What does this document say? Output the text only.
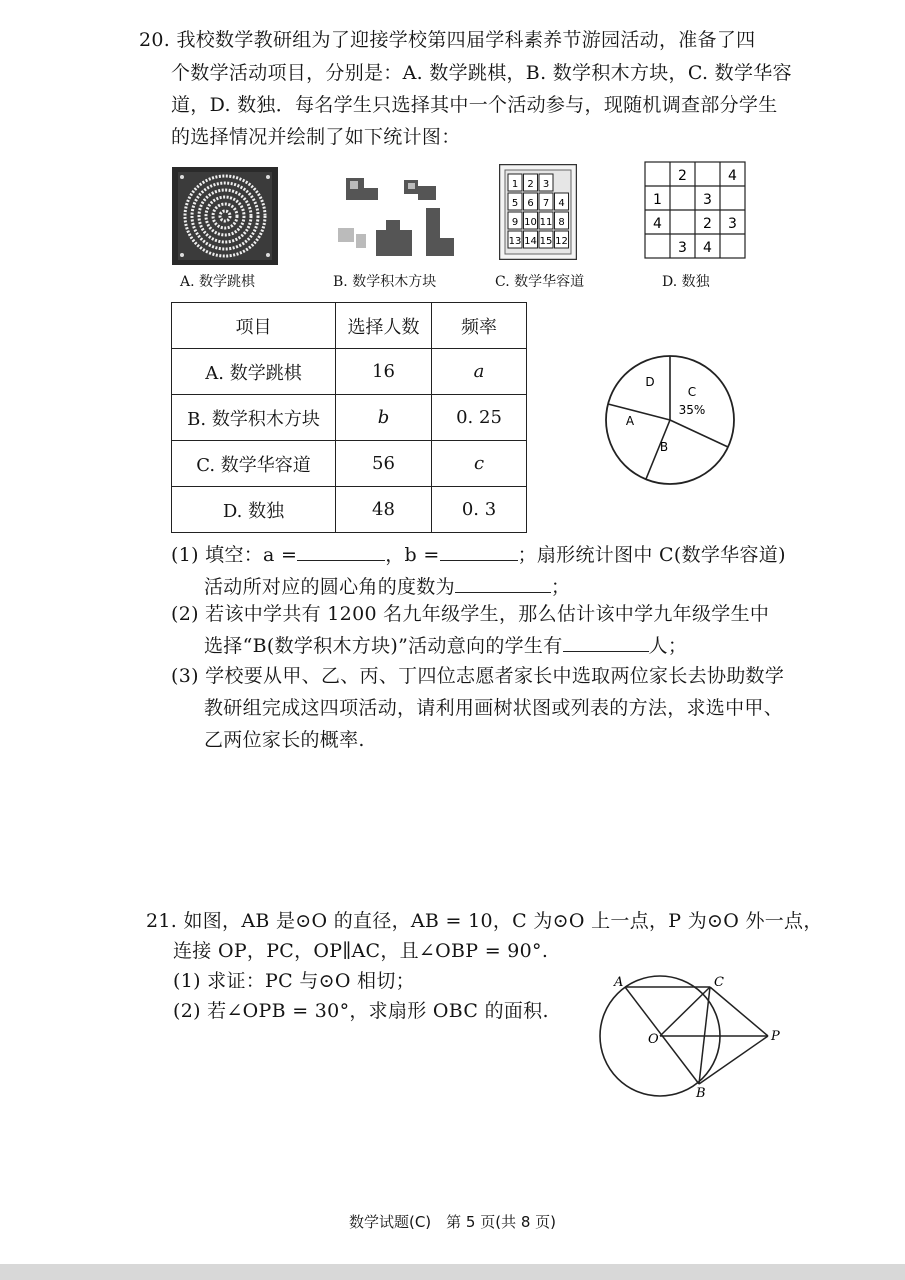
20. 我校数学教研组为了迎接学校第四届学科素养节游园活动，准备了四
个数学活动项目，分别是：A. 数学跳棋，B. 数学积木方块，C. 数学华容
道，D. 数独．每名学生只选择其中一个活动参与，现随机调查部分学生
的选择情况并绘制了如下统计图：
1 2 3
5 6 7 4
9 10 11 8
13 14 15 12
2	4
1	3
4	2 3
3 4
A. 数学跳棋	B. 数学积木方块	C. 数学华容道	D. 数独
项目	选择人数	频率
A. 数学跳棋	16	a
B. 数学积木方块	b	0. 25
C. 数学华容道	56	c
D. 数独	48	0. 3
D
C
35%
A
B
(1) 填空：a =	，b =	；扇形统计图中 C(数学华容道)
活动所对应的圆心角的度数为	；
(2) 若该中学共有 1200 名九年级学生，那么估计该中学九年级学生中
选择“B(数学积木方块)”活动意向的学生有	人；
(3) 学校要从甲、乙、丙、丁四位志愿者家长中选取两位家长去协助数学
教研组完成这四项活动，请利用画树状图或列表的方法，求选中甲、
乙两位家长的概率.
21. 如图，AB 是⊙O 的直径，AB = 10，C 为⊙O 上一点，P 为⊙O 外一点，
连接 OP，PC，OP∥AC，且∠OBP = 90°.
(1) 求证：PC 与⊙O 相切；
(2) 若∠OPB = 30°，求扇形 OBC 的面积.
A	C
O	P
B
数学试题(C)　第 5 页(共 8 页)
